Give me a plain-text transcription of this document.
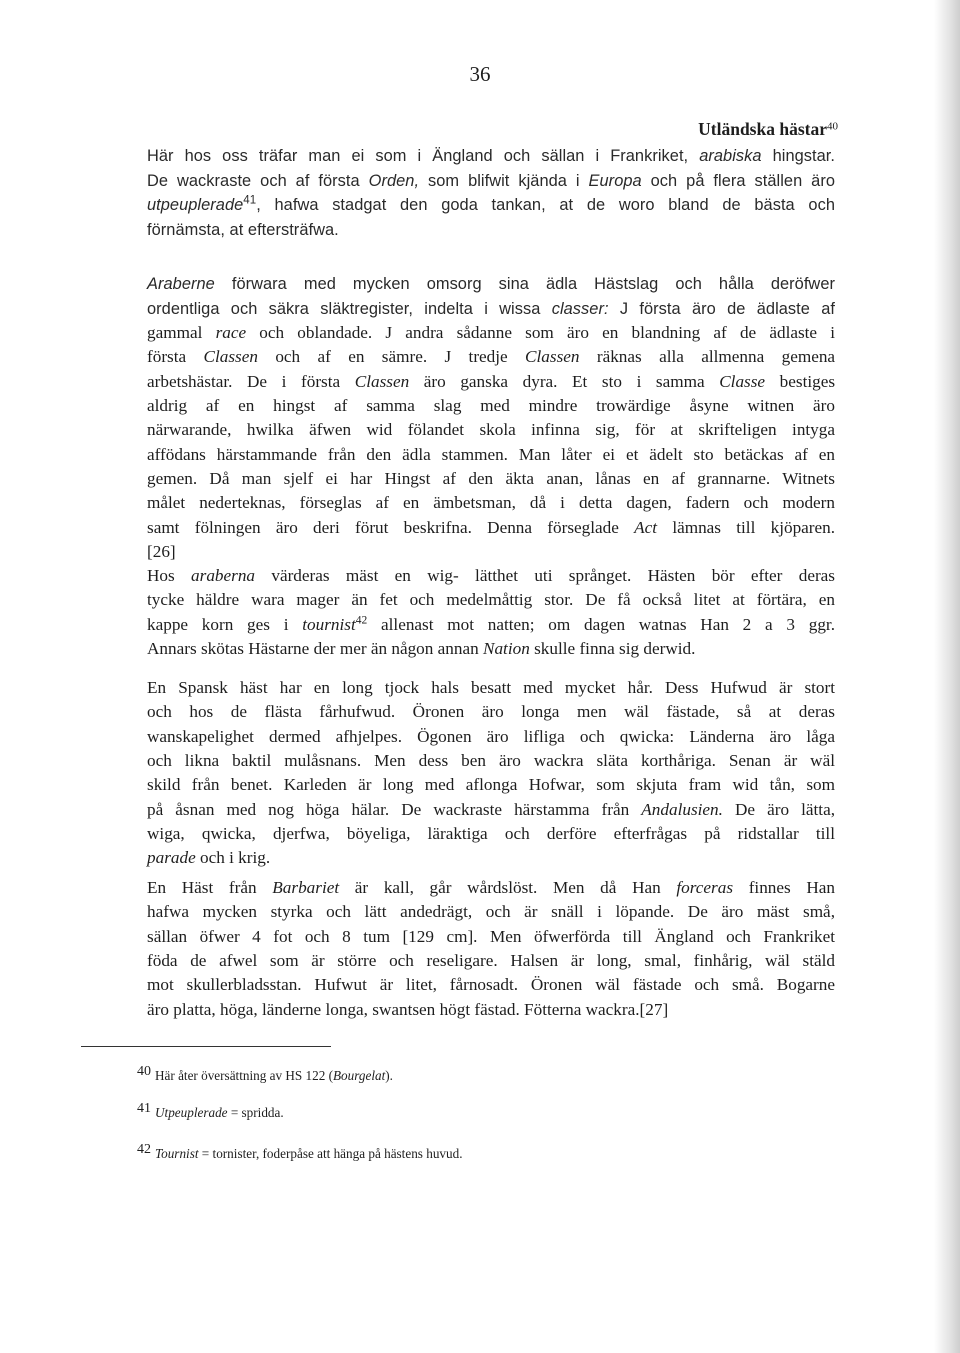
36
Utländska hästar$^{40}$
Här hos oss träfar man ei som i Ängland och sällan i Frankriket, arabiska hingstar.
De wackraste och af första Orden, som blifwit kjända i Europa och på flera ställen äro
utpeuplerade$^{41}$, hafwa stadgat den goda tankan, at de woro bland de bästa och
förnämsta, at eftersträfwa.
Araberne förwara med mycken omsorg sina ädla Hästslag och hålla deröfwer
ordentliga och säkra släktregister, indelta i wissa classer: J första äro de ädlaste af
gammal race och oblandade. J andra sådanne som äro en blandning af de ädlaste i
första Classen och af en sämre. J tredje Classen räknas alla allmenna gemena
arbetshästar. De i första Classen äro ganska dyra. Et sto i samma Classe bestiges
aldrig af en hingst af samma slag med mindre trowärdige åsyne witnen äro
närwarande, hwilka äfwen wid fölandet skola infinna sig, för at skrifteligen intyga
affödans härstammande från den ädla stammen. Man låter ei et ädelt sto betäckas af en
gemen. Då man sjelf ei har Hingst af den äkta anan, lånas en af grannarne. Witnets
målet nederteknas, förseglas af en ämbetsman, då i detta dagen, fadern och modern
samt fölningen äro deri förut beskrifna. Denna förseglade Act lämnas till kjöparen.
[26]
Hos araberna värderas mäst en wig- lätthet uti språnget. Hästen bör efter deras
tycke häldre wara mager än fet och medelmåttig stor. De få också litet at förtära, en
kappe korn ges i tournist$^{42}$ allenast mot natten; om dagen watnas Han 2 a 3 ggr.
Annars skötas Hästarne der mer än någon annan Nation skulle finna sig derwid.
En Spansk häst har en long tjock hals besatt med mycket hår. Dess Hufwud är stort
och hos de flästa fårhufwud. Öronen äro longa men wäl fästade, så at deras
wanskapelighet dermed afhjelpes. Ögonen äro lifliga och qwicka: Länderna äro låga
och likna baktil mulåsnans. Men dess ben äro wackra släta korthåriga. Senan är wäl
skild från benet. Karleden är long med aflonga Hofwar, som skjuta fram wid tån, som
på åsnan med nog höga hälar. De wackraste härstamma från Andalusien. De äro lätta,
wiga, qwicka, djerfwa, böyeliga, läraktiga och derföre efterfrågas på ridstallar till
parade och i krig.
En Häst från Barbariet är kall, går wårdslöst. Men då Han forceras finnes Han
hafwa mycken styrka och lätt andedrägt, och är snäll i löpande. De äro mäst små,
sällan öfwer 4 fot och 8 tum [129 cm]. Men öfwerförda till Ängland och Frankriket
föda de afwel som är större och reseligare. Halsen är long, smal, finhårig, wäl stäld
mot skullerbladsstan. Hufwut är litet, fårnosadt. Öronen wäl fästade och små. Bogarne
äro platta, höga, länderne longa, swantsen högt fästad. Fötterna wackra.[27]
40 Här åter översättning av HS 122 (Bourgelat).
41 Utpeuplerade = spridda.
42 Tournist = tornister, foderpåse att hänga på hästens huvud.
